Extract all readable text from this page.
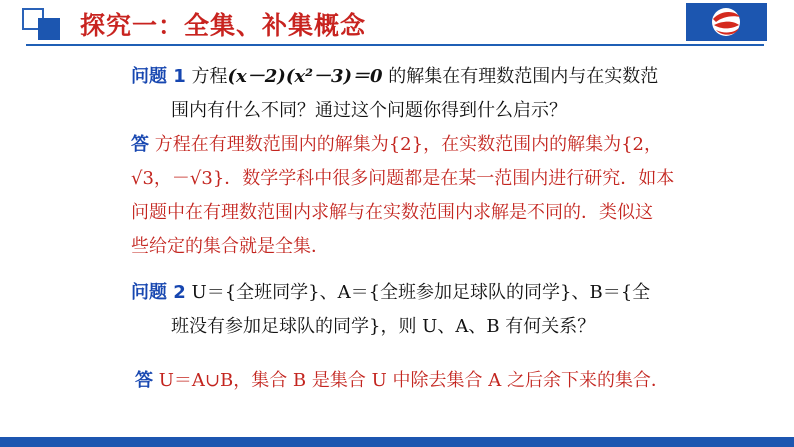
探究一：全集、补集概念
问题 1 方程(x－2)(x²－3)＝0 的解集在有理数范围内与在实数范
围内有什么不同？通过这个问题你得到什么启示？
答 方程在有理数范围内的解集为{2}，在实数范围内的解集为{2，
√3，－√3}．数学学科中很多问题都是在某一范围内进行研究．如本
问题中在有理数范围内求解与在实数范围内求解是不同的．类似这
些给定的集合就是全集．
问题 2 U＝{全班同学}、A＝{全班参加足球队的同学}、B＝{全
班没有参加足球队的同学}，则 U、A、B 有何关系？
答 U＝A∪B，集合 B 是集合 U 中除去集合 A 之后余下来的集合．
